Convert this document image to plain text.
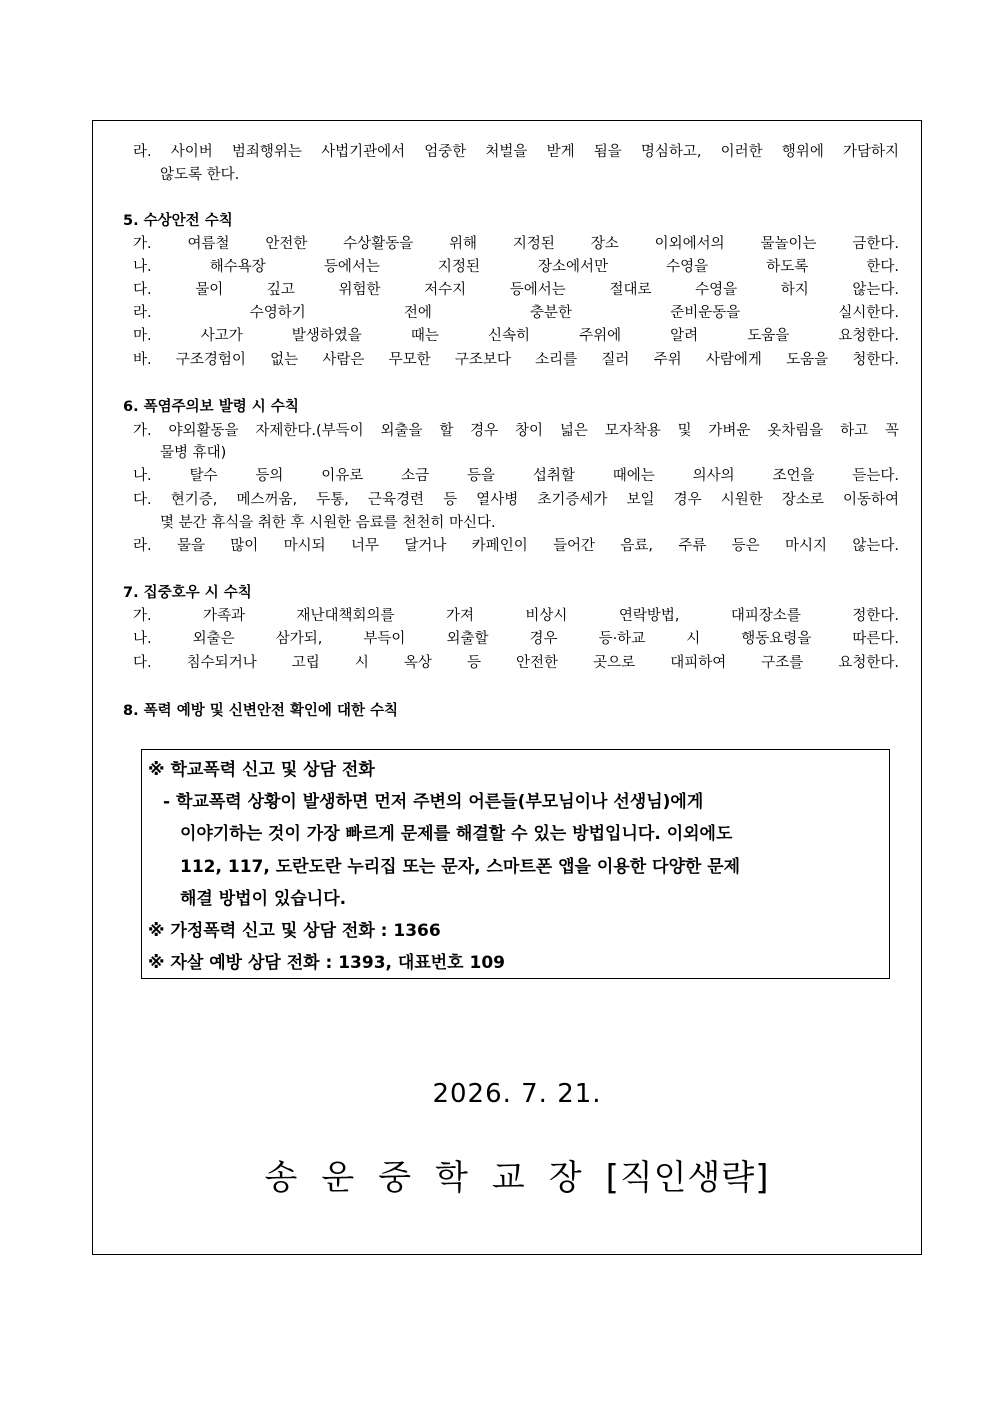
라. 사이버 범죄행위는 사법기관에서 엄중한 처벌을 받게 됨을 명심하고, 이러한 행위에 가담하지
않도록 한다.
5. 수상안전 수칙
가. 여름철 안전한 수상활동을 위해 지정된 장소 이외에서의 물놀이는 금한다.
나. 해수욕장 등에서는 지정된 장소에서만 수영을 하도록 한다.
다. 물이 깊고 위험한 저수지 등에서는 절대로 수영을 하지 않는다.
라. 수영하기 전에 충분한 준비운동을 실시한다.
마. 사고가 발생하였을 때는 신속히 주위에 알려 도움을 요청한다.
바. 구조경험이 없는 사람은 무모한 구조보다 소리를 질러 주위 사람에게 도움을 청한다.
6. 폭염주의보 발령 시 수칙
가. 야외활동을 자제한다.(부득이 외출을 할 경우 창이 넓은 모자착용 및 가벼운 옷차림을 하고 꼭
물병 휴대)
나. 탈수 등의 이유로 소금 등을 섭취할 때에는 의사의 조언을 듣는다.
다. 현기증, 메스꺼움, 두통, 근육경련 등 열사병 초기증세가 보일 경우 시원한 장소로 이동하여
몇 분간 휴식을 취한 후 시원한 음료를 천천히 마신다.
라. 물을 많이 마시되 너무 달거나 카페인이 들어간 음료, 주류 등은 마시지 않는다.
7. 집중호우 시 수칙
가. 가족과 재난대책회의를 가져 비상시 연락방법, 대피장소를 정한다.
나. 외출은 삼가되, 부득이 외출할 경우 등·하교 시 행동요령을 따른다.
다. 침수되거나 고립 시 옥상 등 안전한 곳으로 대피하여 구조를 요청한다.
8. 폭력 예방 및 신변안전 확인에 대한 수칙
※ 학교폭력 신고 및 상담 전화
- 학교폭력 상황이 발생하면 먼저 주변의 어른들(부모님이나 선생님)에게
이야기하는 것이 가장 빠르게 문제를 해결할 수 있는 방법입니다. 이외에도
112, 117, 도란도란 누리집 또는 문자, 스마트폰 앱을 이용한 다양한 문제
해결 방법이 있습니다.
※ 가정폭력 신고 및 상담 전화 : 1366
※ 자살 예방 상담 전화 : 1393, 대표번호 109
2026. 7. 21.
송운중학교장[직인생략]
